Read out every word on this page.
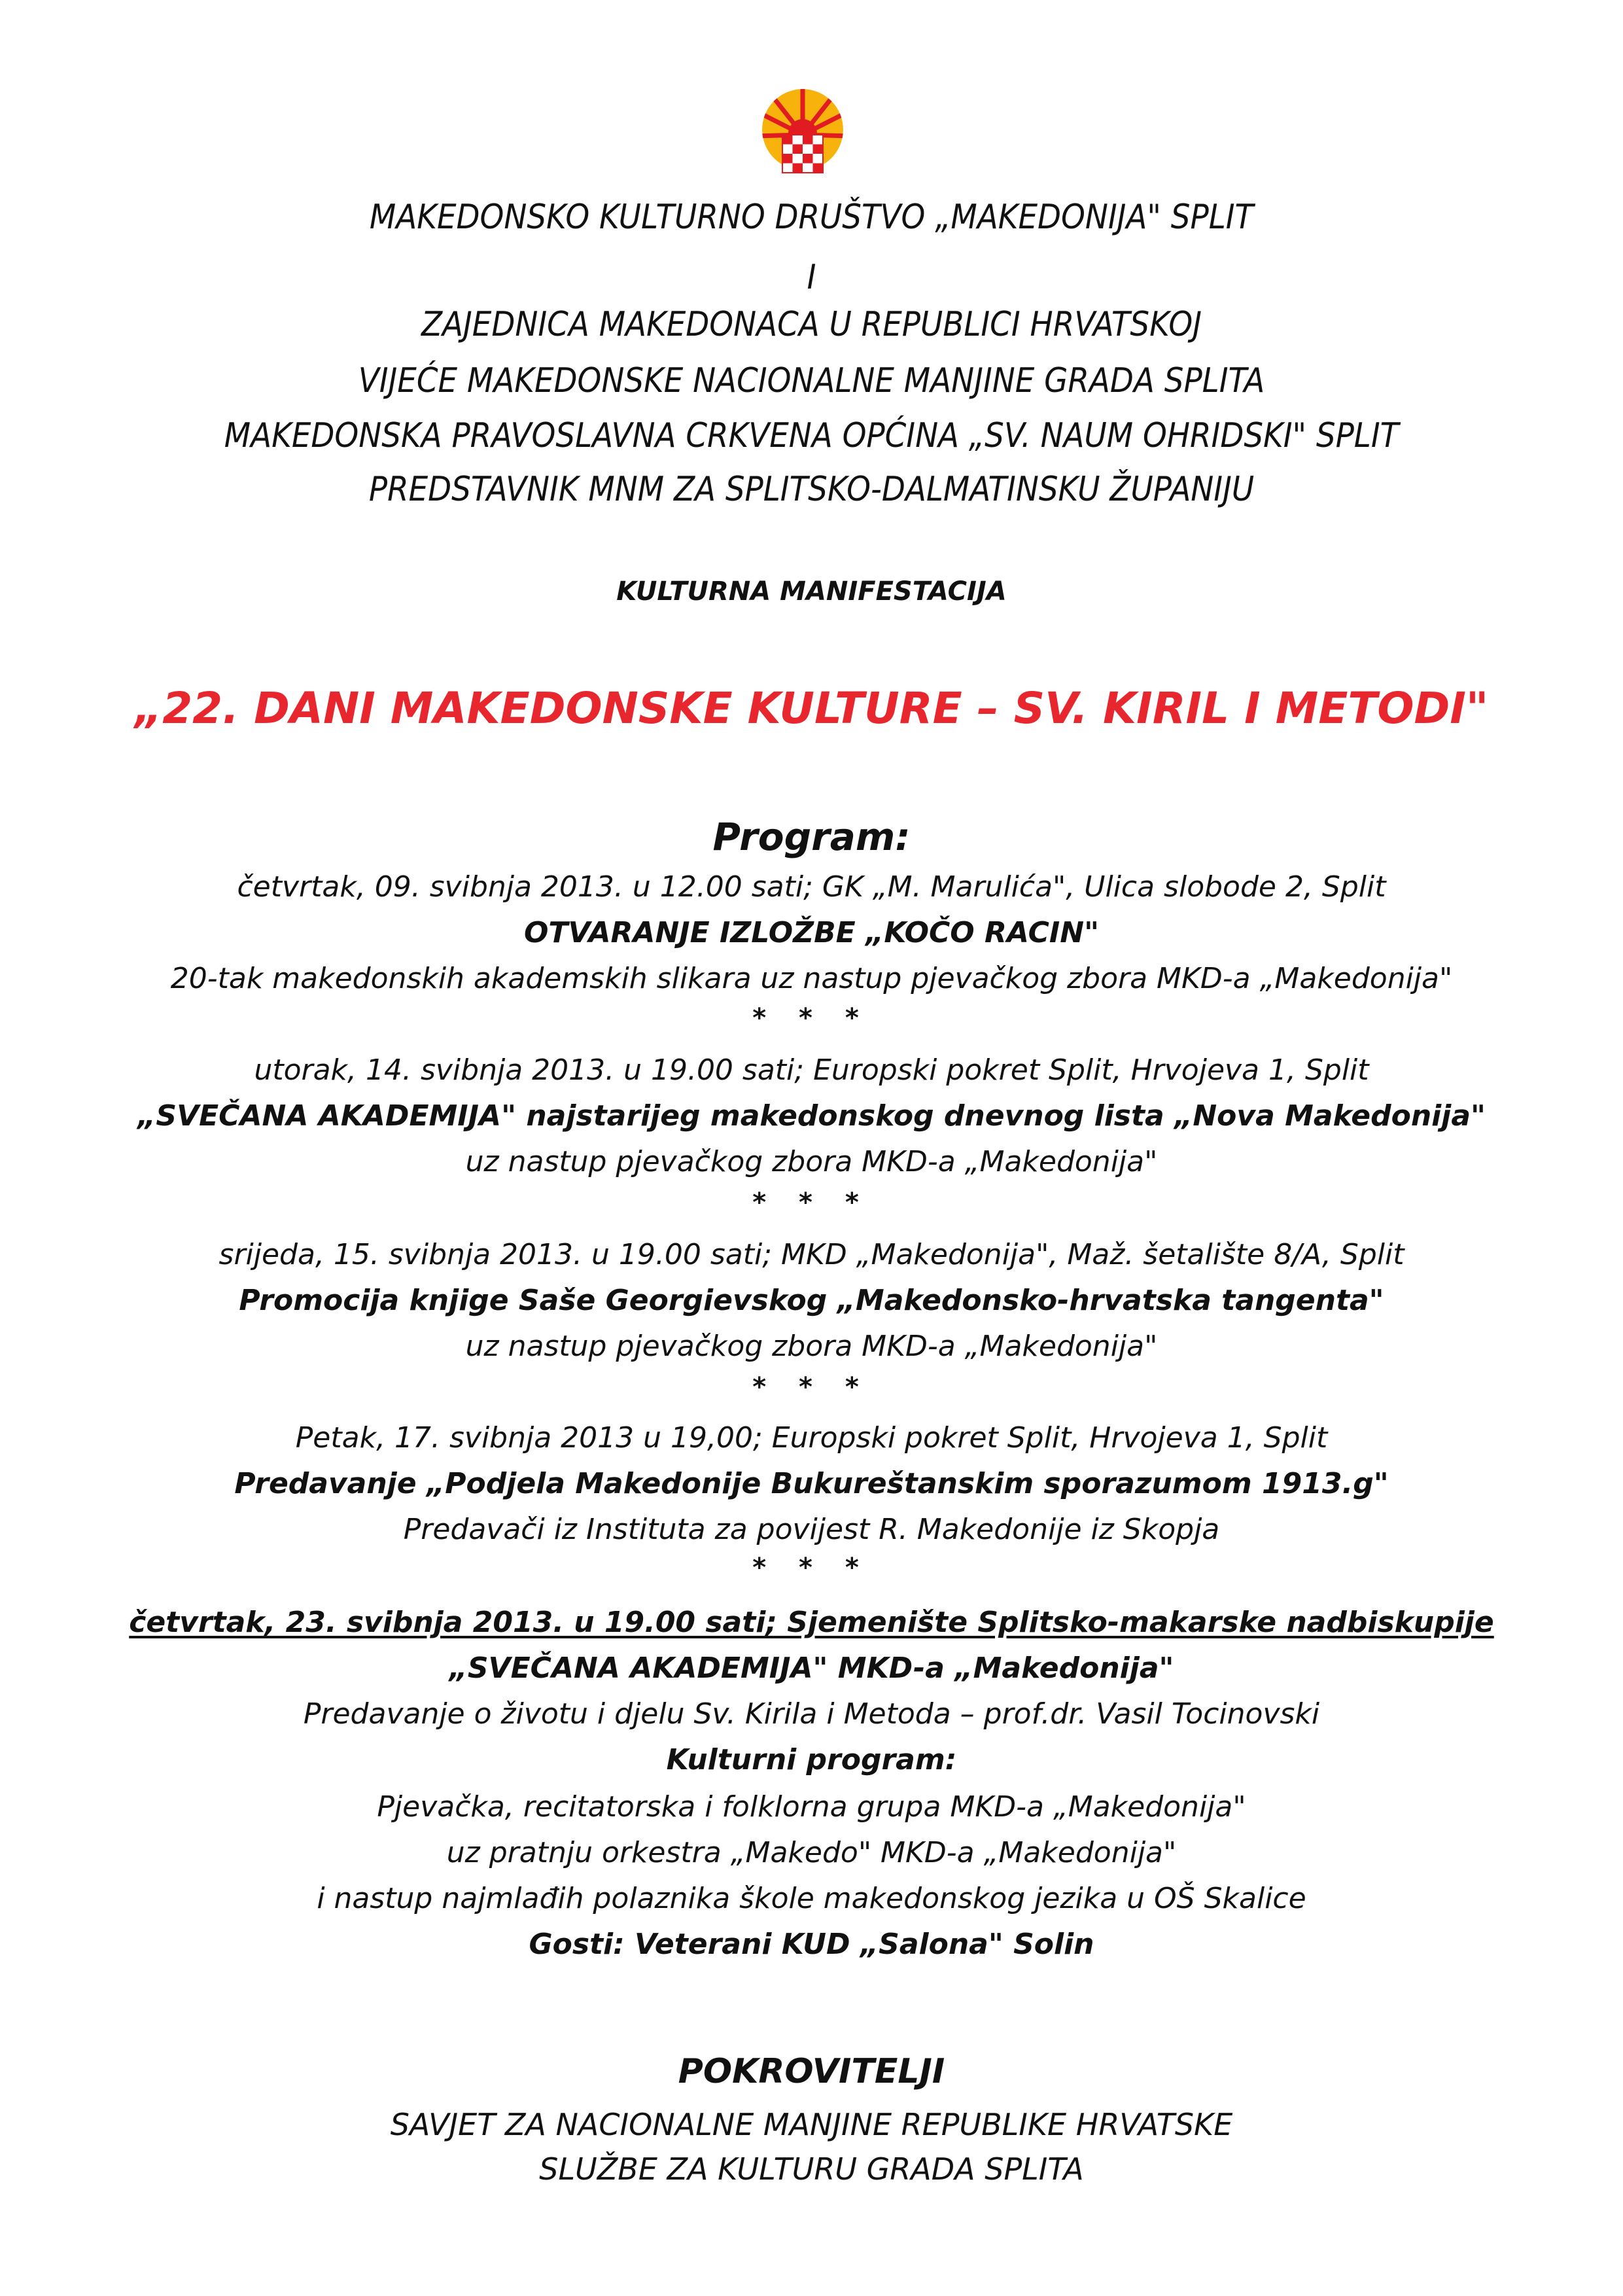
MAKEDONSKO KULTURNO DRUŠTVO „MAKEDONIJA" SPLIT
I
ZAJEDNICA MAKEDONACA U REPUBLICI HRVATSKOJ
VIJEĆE MAKEDONSKE NACIONALNE MANJINE GRADA SPLITA
MAKEDONSKA PRAVOSLAVNA CRKVENA OPĆINA „SV. NAUM OHRIDSKI" SPLIT
PREDSTAVNIK MNM ZA SPLITSKO-DALMATINSKU ŽUPANIJU
KULTURNA MANIFESTACIJA
„22. DANI MAKEDONSKE KULTURE – SV. KIRIL I METODI"
Program:
četvrtak, 09. svibnja 2013. u 12.00 sati; GK „M. Marulića", Ulica slobode 2, Split
OTVARANJE IZLOŽBE „KOČO RACIN"
20-tak makedonskih akademskih slikara uz nastup pjevačkog zbora MKD-a „Makedonija"
* * *
utorak, 14. svibnja 2013. u 19.00 sati; Europski pokret Split, Hrvojeva 1, Split
„SVEČANA AKADEMIJA" najstarijeg makedonskog dnevnog lista „Nova Makedonija"
uz nastup pjevačkog zbora MKD-a „Makedonija"
* * *
srijeda, 15. svibnja 2013. u 19.00 sati; MKD „Makedonija", Maž. šetalište 8/A, Split
Promocija knjige Saše Georgievskog „Makedonsko-hrvatska tangenta"
uz nastup pjevačkog zbora MKD-a „Makedonija"
* * *
Petak, 17. svibnja 2013 u 19,00; Europski pokret Split, Hrvojeva 1, Split
Predavanje „Podjela Makedonije Bukureštanskim sporazumom 1913.g"
Predavači iz Instituta za povijest R. Makedonije iz Skopja
* * *
četvrtak, 23. svibnja 2013. u 19.00 sati; Sjemenište Splitsko-makarske nadbiskupije
„SVEČANA AKADEMIJA" MKD-a „Makedonija"
Predavanje o životu i djelu Sv. Kirila i Metoda – prof.dr. Vasil Tocinovski
Kulturni program:
Pjevačka, recitatorska i folklorna grupa MKD-a „Makedonija"
uz pratnju orkestra „Makedo" MKD-a „Makedonija"
i nastup najmlađih polaznika škole makedonskog jezika u OŠ Skalice
Gosti: Veterani KUD „Salona" Solin
POKROVITELJI
SAVJET ZA NACIONALNE MANJINE REPUBLIKE HRVATSKE
SLUŽBE ZA KULTURU GRADA SPLITA
